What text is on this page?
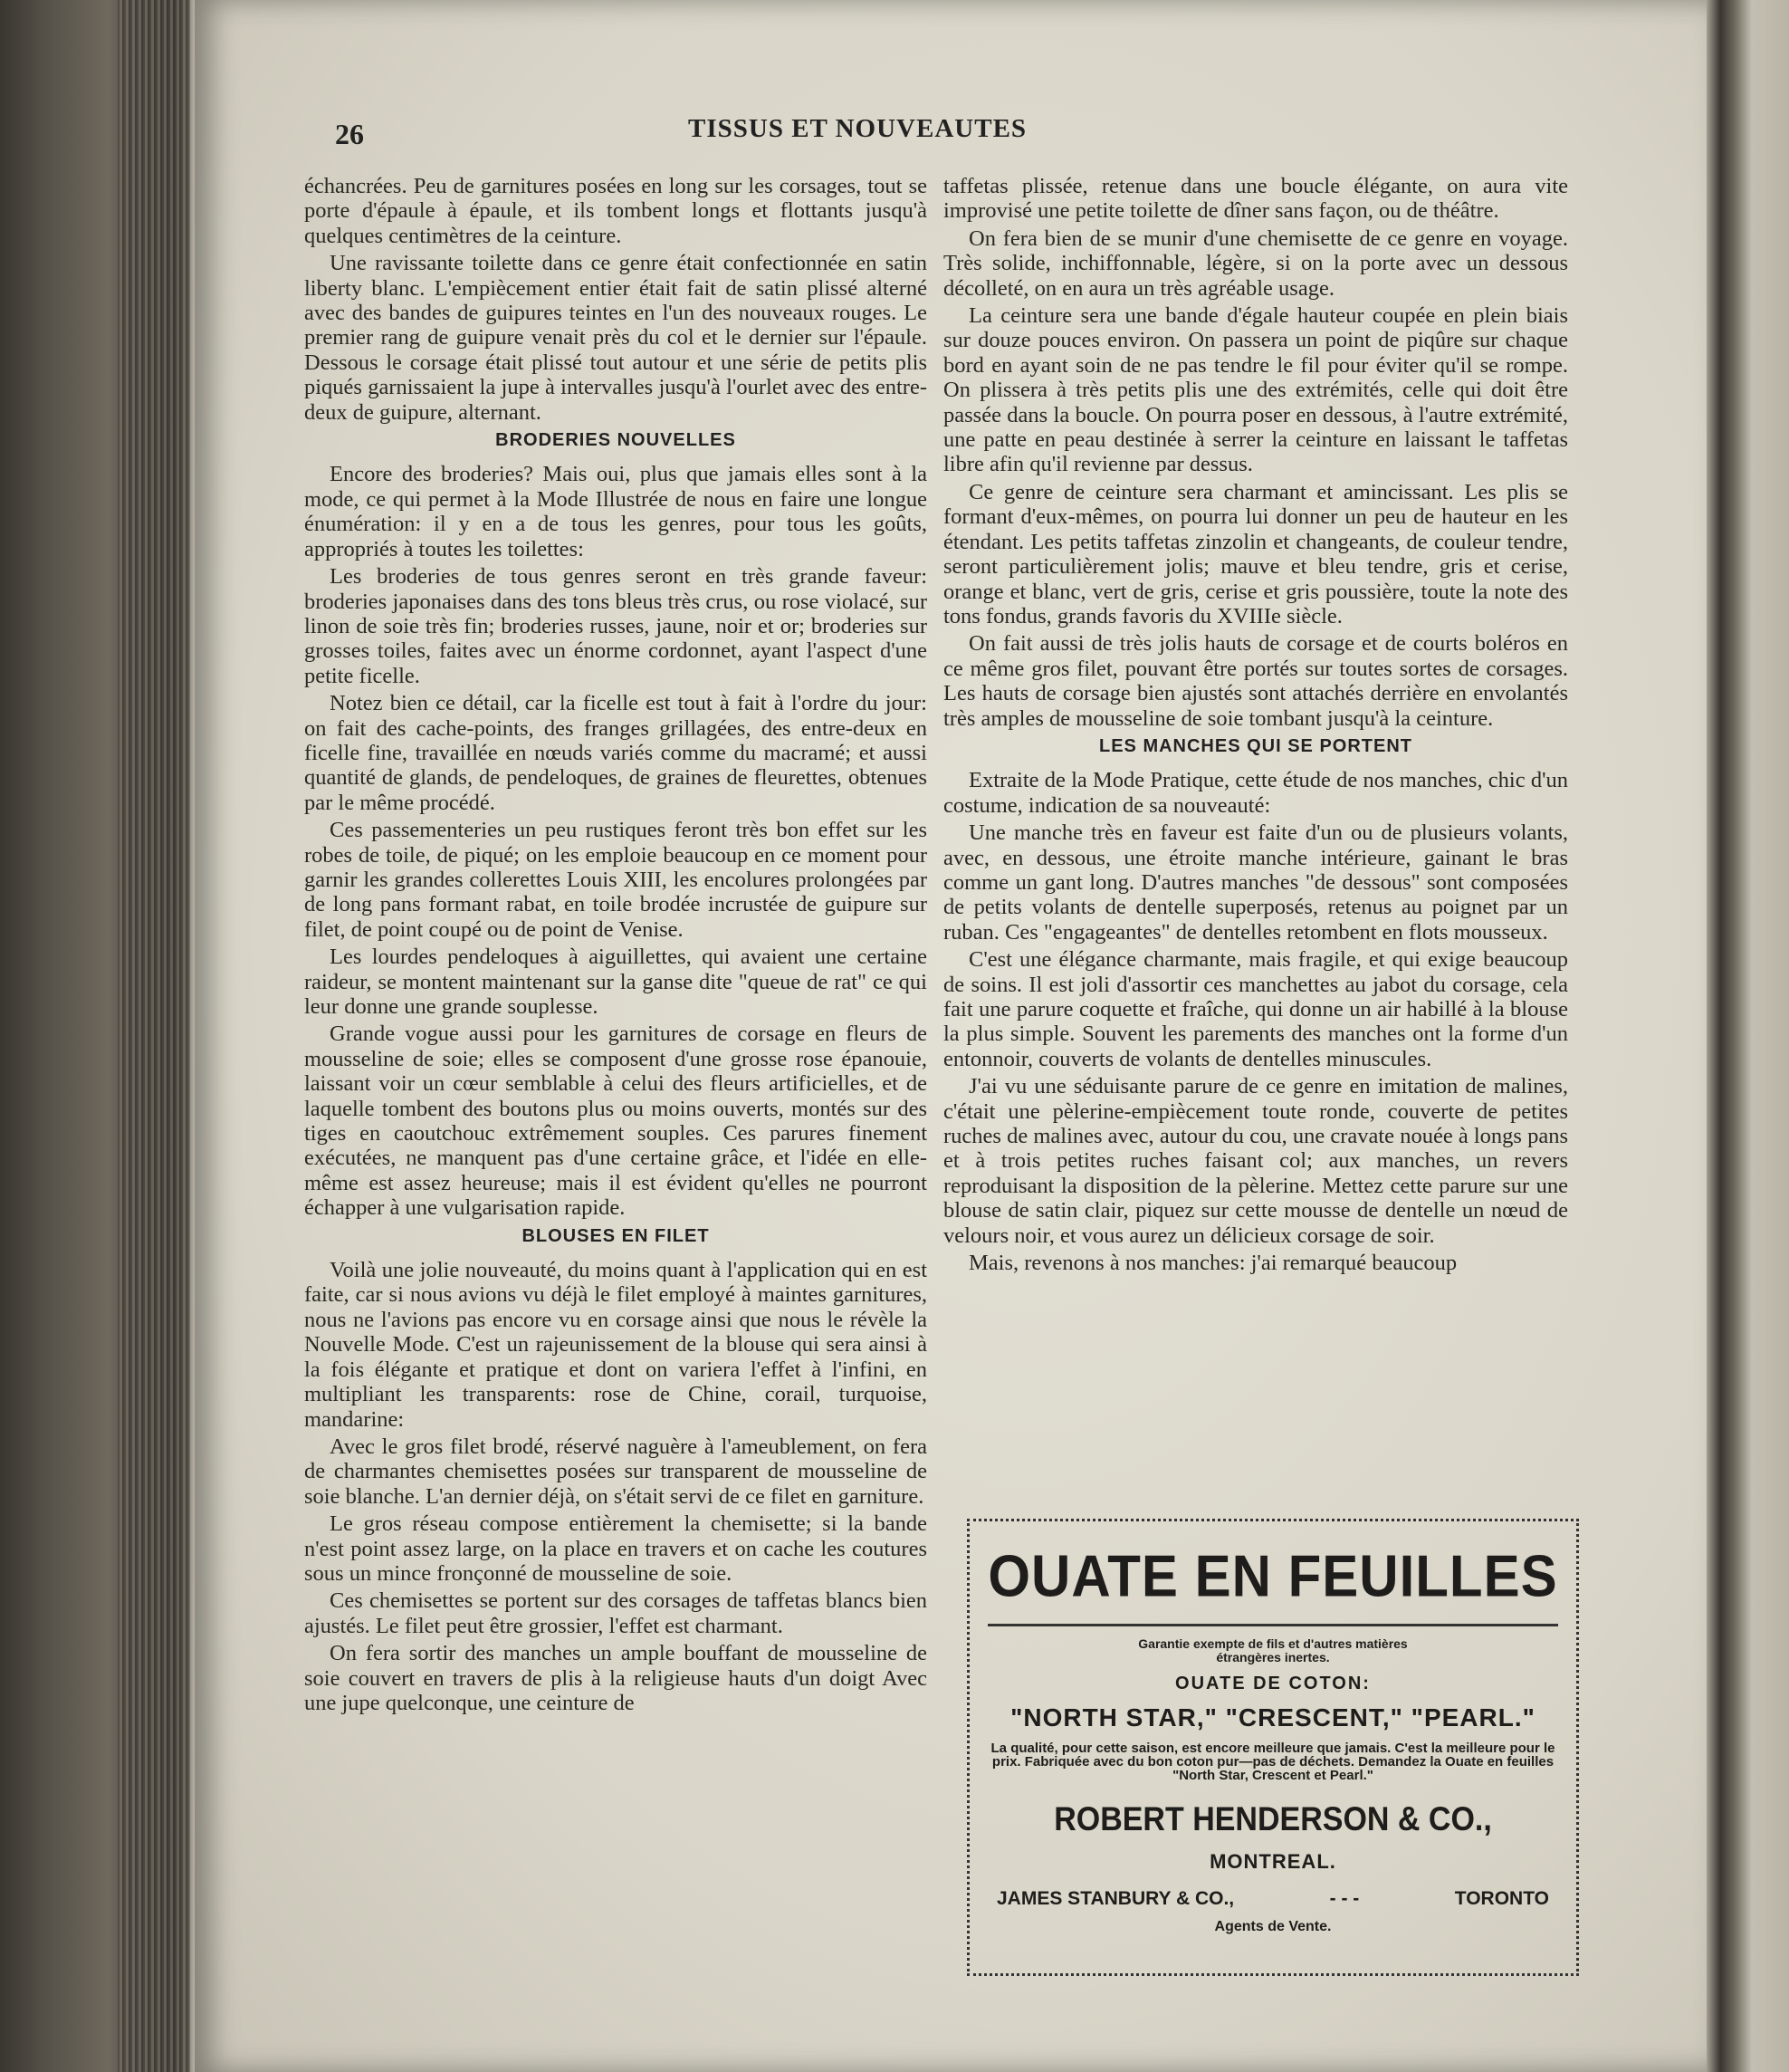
26	TISSUS ET NOUVEAUTES

échancrées. Peu de garnitures posées en long sur les corsages, tout se porte d'épaule à épaule, et ils tombent longs et flottants jusqu'à quelques centimètres de la ceinture.

Une ravissante toilette dans ce genre était confectionnée en satin liberty blanc. L'empiècement entier était fait de satin plissé alterné avec des bandes de guipures teintes en l'un des nouveaux rouges. Le premier rang de guipure venait près du col et le dernier sur l'épaule. Dessous le corsage était plissé tout autour et une série de petits plis piqués garnissaient la jupe à intervalles jusqu'à l'ourlet avec des entre-deux de guipure, alternant.

BRODERIES NOUVELLES

Encore des broderies? Mais oui, plus que jamais elles sont à la mode, ce qui permet à la Mode Illustrée de nous en faire une longue énumération: il y en a de tous les genres, pour tous les goûts, appropriés à toutes les toilettes:

Les broderies de tous genres seront en très grande faveur: broderies japonaises dans des tons bleus très crus, ou rose violacé, sur linon de soie très fin; broderies russes, jaune, noir et or; broderies sur grosses toiles, faites avec un énorme cordonnet, ayant l'aspect d'une petite ficelle.

Notez bien ce détail, car la ficelle est tout à fait à l'ordre du jour: on fait des cache-points, des franges grillagées, des entre-deux en ficelle fine, travaillée en nœuds variés comme du macramé; et aussi quantité de glands, de pendeloques, de graines de fleurettes, obtenues par le même procédé.

Ces passementeries un peu rustiques feront très bon effet sur les robes de toile, de piqué; on les emploie beaucoup en ce moment pour garnir les grandes collerettes Louis XIII, les encolures prolongées par de long pans formant rabat, en toile brodée incrustée de guipure sur filet, de point coupé ou de point de Venise.

Les lourdes pendeloques à aiguillettes, qui avaient une certaine raideur, se montent maintenant sur la ganse dite "queue de rat" ce qui leur donne une grande souplesse.

Grande vogue aussi pour les garnitures de corsage en fleurs de mousseline de soie; elles se composent d'une grosse rose épanouie, laissant voir un cœur semblable à celui des fleurs artificielles, et de laquelle tombent des boutons plus ou moins ouverts, montés sur des tiges en caoutchouc extrêmement souples. Ces parures finement exécutées, ne manquent pas d'une certaine grâce, et l'idée en elle-même est assez heureuse; mais il est évident qu'elles ne pourront échapper à une vulgarisation rapide.

BLOUSES EN FILET

Voilà une jolie nouveauté, du moins quant à l'application qui en est faite, car si nous avions vu déjà le filet employé à maintes garnitures, nous ne l'avions pas encore vu en corsage ainsi que nous le révèle la Nouvelle Mode. C'est un rajeunissement de la blouse qui sera ainsi à la fois élégante et pratique et dont on variera l'effet à l'infini, en multipliant les transparents: rose de Chine, corail, turquoise, mandarine:

Avec le gros filet brodé, réservé naguère à l'ameublement, on fera de charmantes chemisettes posées sur transparent de mousseline de soie blanche. L'an dernier déjà, on s'était servi de ce filet en garniture.

Le gros réseau compose entièrement la chemisette; si la bande n'est point assez large, on la place en travers et on cache les coutures sous un mince fronçonné de mousseline de soie.

Ces chemisettes se portent sur des corsages de taffetas blancs bien ajustés. Le filet peut être grossier, l'effet est charmant.

On fera sortir des manches un ample bouffant de mousseline de soie couvert en travers de plis à la religieuse hauts d'un doigt Avec une jupe quelconque, une ceinture de

taffetas plissée, retenue dans une boucle élégante, on aura vite improvisé une petite toilette de dîner sans façon, ou de théâtre.

On fera bien de se munir d'une chemisette de ce genre en voyage. Très solide, inchiffonnable, légère, si on la porte avec un dessous décolleté, on en aura un très agréable usage.

La ceinture sera une bande d'égale hauteur coupée en plein biais sur douze pouces environ. On passera un point de piqûre sur chaque bord en ayant soin de ne pas tendre le fil pour éviter qu'il se rompe. On plissera à très petits plis une des extrémités, celle qui doit être passée dans la boucle. On pourra poser en dessous, à l'autre extrémité, une patte en peau destinée à serrer la ceinture en laissant le taffetas libre afin qu'il revienne par dessus.

Ce genre de ceinture sera charmant et amincissant. Les plis se formant d'eux-mêmes, on pourra lui donner un peu de hauteur en les étendant. Les petits taffetas zinzolin et changeants, de couleur tendre, seront particulièrement jolis; mauve et bleu tendre, gris et cerise, orange et blanc, vert de gris, cerise et gris poussière, toute la note des tons fondus, grands favoris du XVIIIe siècle.

On fait aussi de très jolis hauts de corsage et de courts boléros en ce même gros filet, pouvant être portés sur toutes sortes de corsages. Les hauts de corsage bien ajustés sont attachés derrière en envolantés très amples de mousseline de soie tombant jusqu'à la ceinture.

LES MANCHES QUI SE PORTENT

Extraite de la Mode Pratique, cette étude de nos manches, chic d'un costume, indication de sa nouveauté:

Une manche très en faveur est faite d'un ou de plusieurs volants, avec, en dessous, une étroite manche intérieure, gainant le bras comme un gant long. D'autres manches "de dessous" sont composées de petits volants de dentelle superposés, retenus au poignet par un ruban. Ces "engageantes" de dentelles retombent en flots mousseux.

C'est une élégance charmante, mais fragile, et qui exige beaucoup de soins. Il est joli d'assortir ces manchettes au jabot du corsage, cela fait une parure coquette et fraîche, qui donne un air habillé à la blouse la plus simple. Souvent les parements des manches ont la forme d'un entonnoir, couverts de volants de dentelles minuscules.

J'ai vu une séduisante parure de ce genre en imitation de malines, c'était une pèlerine-empiècement toute ronde, couverte de petites ruches de malines avec, autour du cou, une cravate nouée à longs pans et à trois petites ruches faisant col; aux manches, un revers reproduisant la disposition de la pèlerine. Mettez cette parure sur une blouse de satin clair, piquez sur cette mousse de dentelle un nœud de velours noir, et vous aurez un délicieux corsage de soir.

Mais, revenons à nos manches: j'ai remarqué beaucoup

OUATE EN FEUILLES
Garantie exempte de fils et d'autres matières
étrangères inertes.
OUATE DE COTON:
"NORTH STAR," "CRESCENT," "PEARL."
La qualité, pour cette saison, est encore meilleure que jamais. C'est la meilleure pour le prix. Fabriquée avec du bon coton pur—pas de déchets. Demandez la Ouate en feuilles "North Star, Crescent et Pearl."
ROBERT HENDERSON & CO.,
MONTREAL.
JAMES STANBURY & CO.,	- - -	TORONTO
Agents de Vente.
